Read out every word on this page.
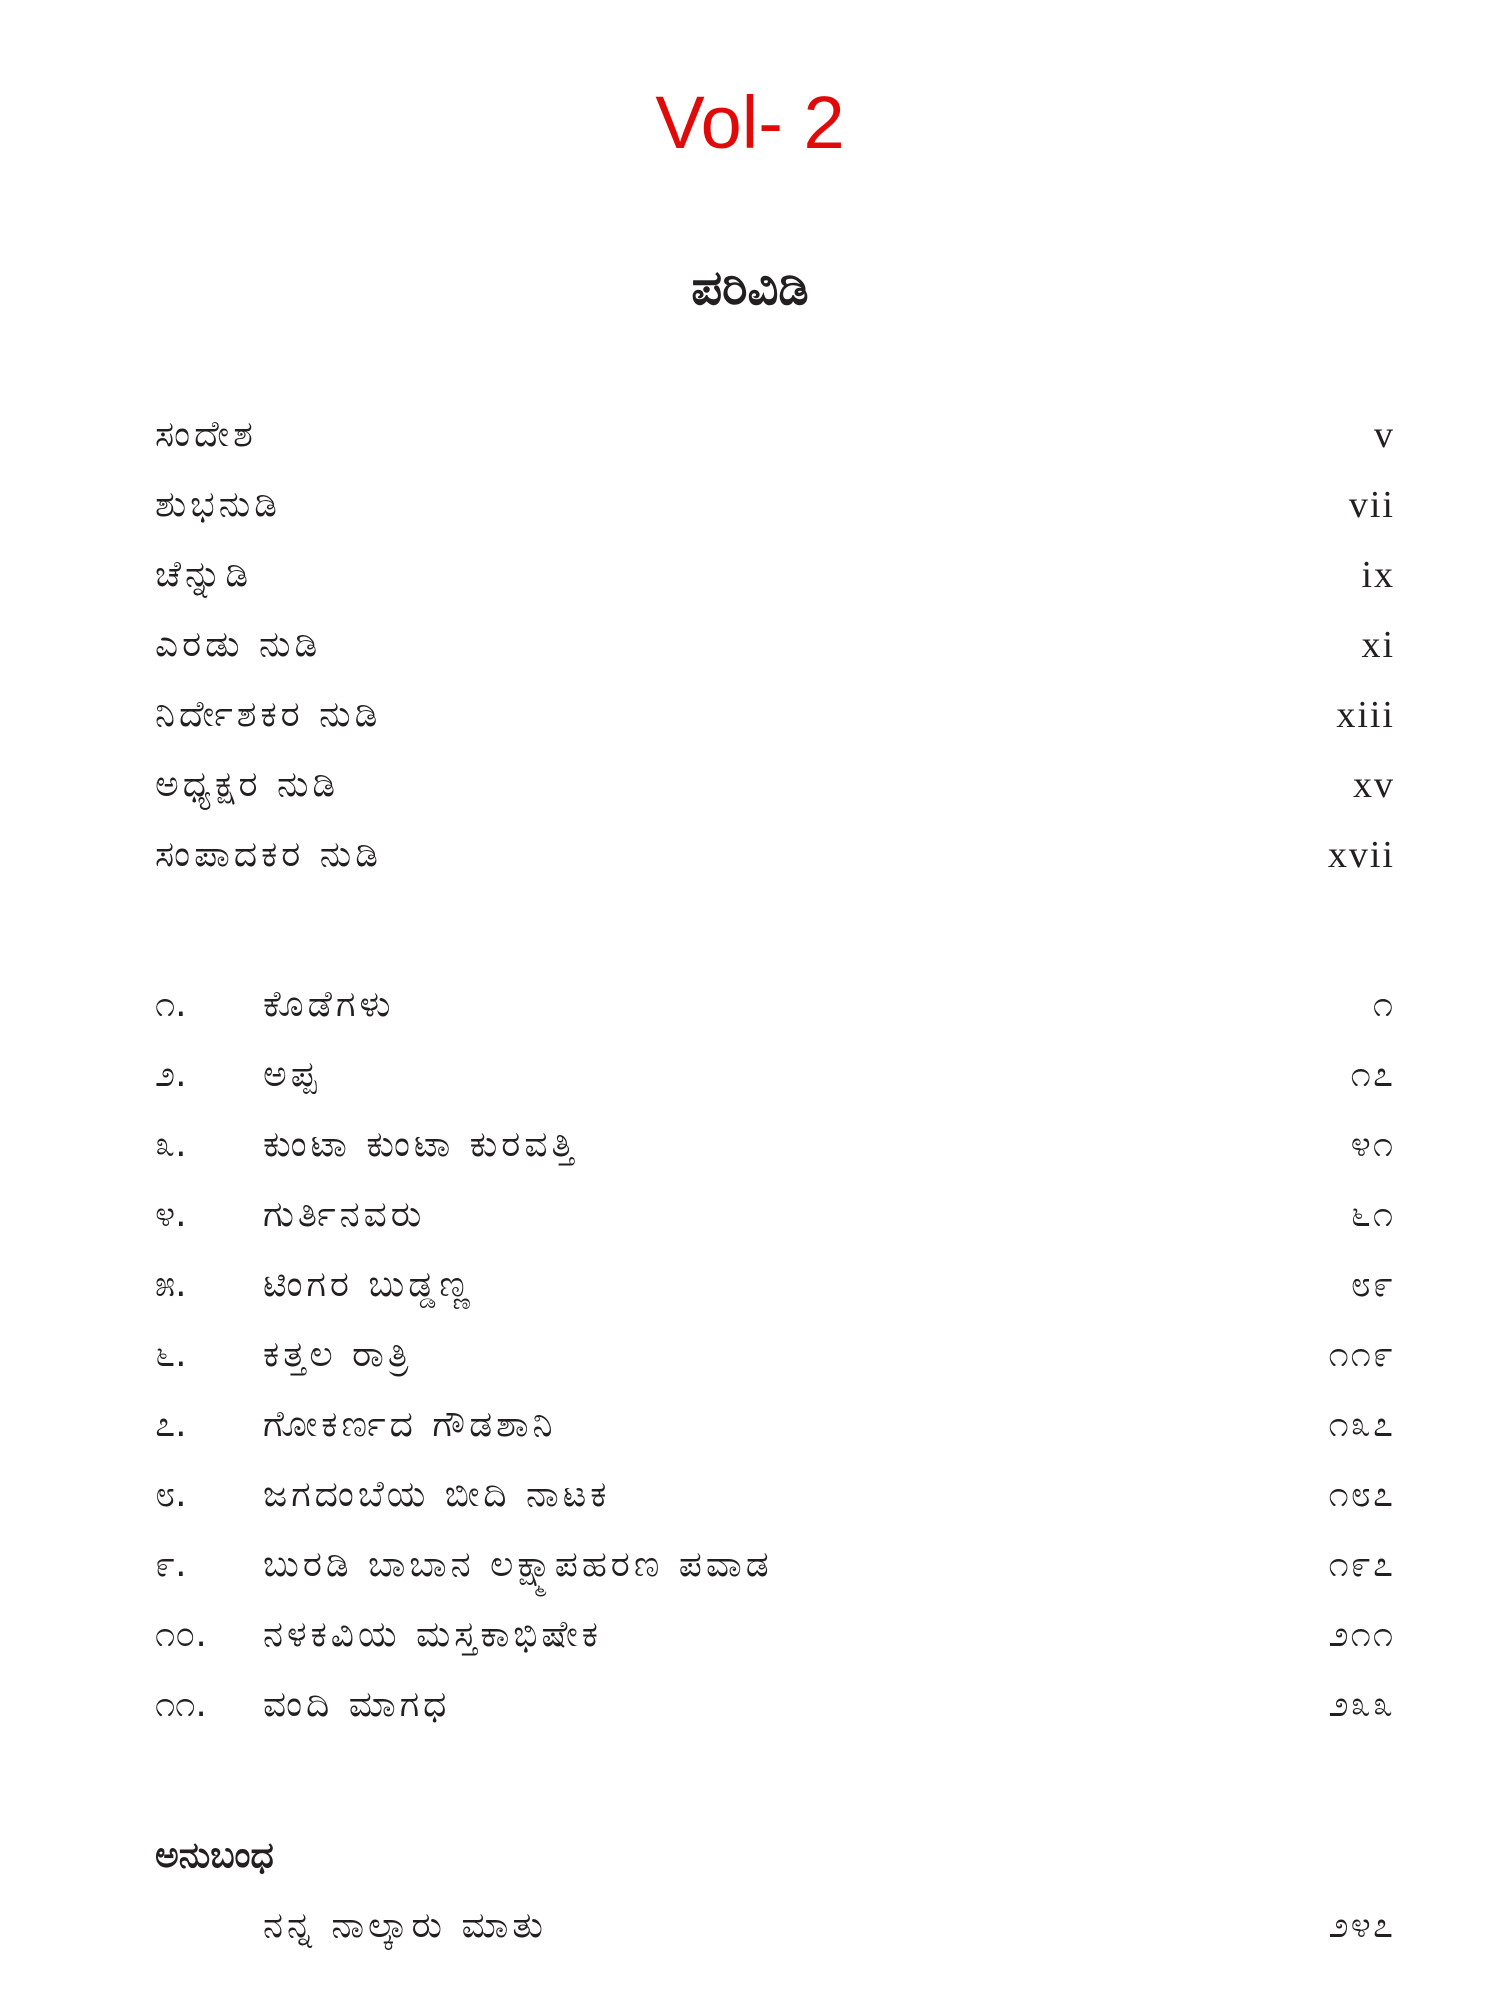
Vol- 2
ಪರಿವಿಡಿ
ಸಂದೇಶ	v
ಶುಭನುಡಿ	vii
ಚೆನ್ನುಡಿ	ix
ಎರಡು ನುಡಿ	xi
ನಿರ್ದೇಶಕರ ನುಡಿ	xiii
ಅಧ್ಯಕ್ಷರ ನುಡಿ	xv
ಸಂಪಾದಕರ ನುಡಿ	xvii
೧. ಕೊಡೆಗಳು	೧
೨. ಅಪ್ಪ	೧೭
೩. ಕುಂಟಾ ಕುಂಟಾ ಕುರವತ್ತಿ	೪೧
೪. ಗುರ್ತಿನವರು	೬೧
೫. ಟಿಂಗರ ಬುಡ್ಡಣ್ಣ	೮೯
೬. ಕತ್ತಲ ರಾತ್ರಿ	೧೧೯
೭. ಗೋಕರ್ಣದ ಗೌಡಶಾನಿ	೧೩೭
೮. ಜಗದಂಬೆಯ ಬೀದಿ ನಾಟಕ	೧೮೭
೯. ಬುರಡಿ ಬಾಬಾನ ಲಕ್ಷ್ಮಾಪಹರಣ ಪವಾಡ	೧೯೭
೧೦. ನಳಕವಿಯ ಮಸ್ತಕಾಭಿಷೇಕ	೨೧೧
೧೧. ವಂದಿ ಮಾಗಧ	೨೩೩
ಅನುಬಂಧ
ನನ್ನ ನಾಲ್ಕಾರು ಮಾತು	೨೪೭
